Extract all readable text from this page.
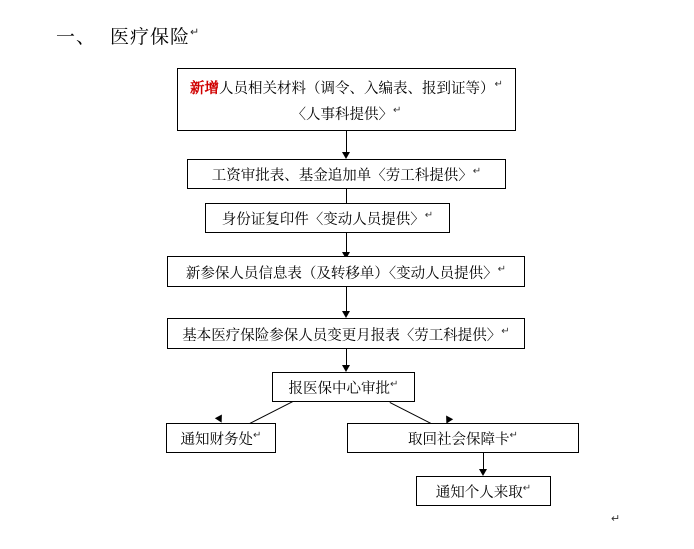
一、 医疗保险↵
新增人员相关材料（调令、入编表、报到证等）↵
〈人事科提供〉↵
工资审批表、基金追加单〈劳工科提供〉↵
身份证复印件〈变动人员提供〉↵
新参保人员信息表（及转移单）〈变动人员提供〉↵
基本医疗保险参保人员变更月报表〈劳工科提供〉↵
报医保中心审批↵
通知财务处↵	取回社会保障卡↵
通知个人来取↵
↵
